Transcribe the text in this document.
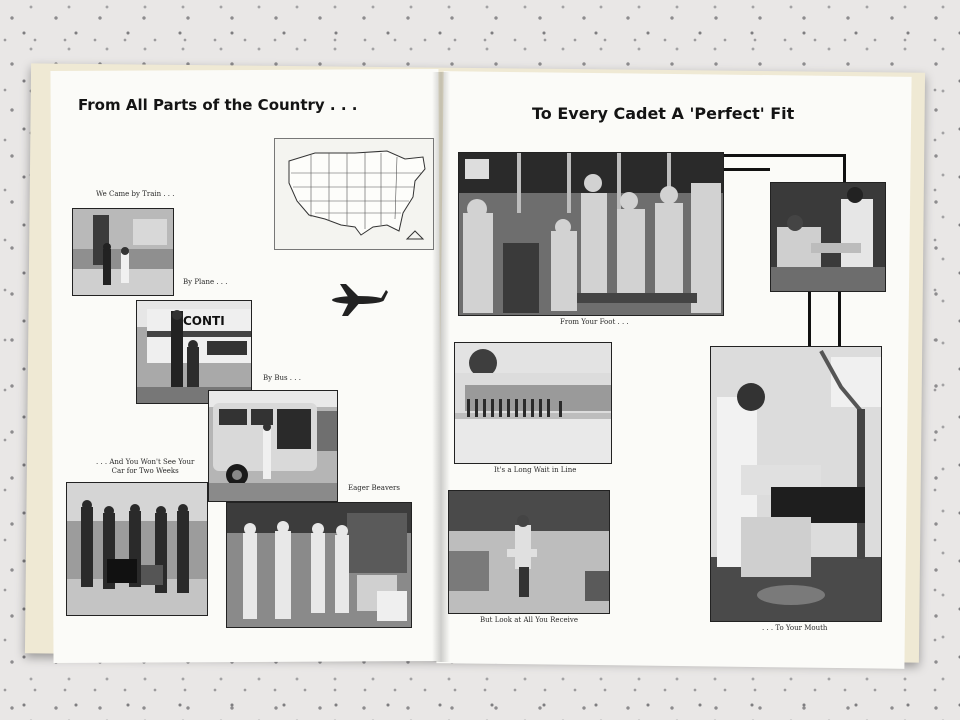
From All Parts of the Country . . .
We Came by Train . . .
By Plane . . .
CONTI
By Bus . . .
. . . And You Won't See Your
Car for Two Weeks
Eager Beavers
To Every Cadet A 'Perfect' Fit
From Your Foot . . .
It's a Long Wait in Line
But Look at All You Receive
. . . To Your Mouth
